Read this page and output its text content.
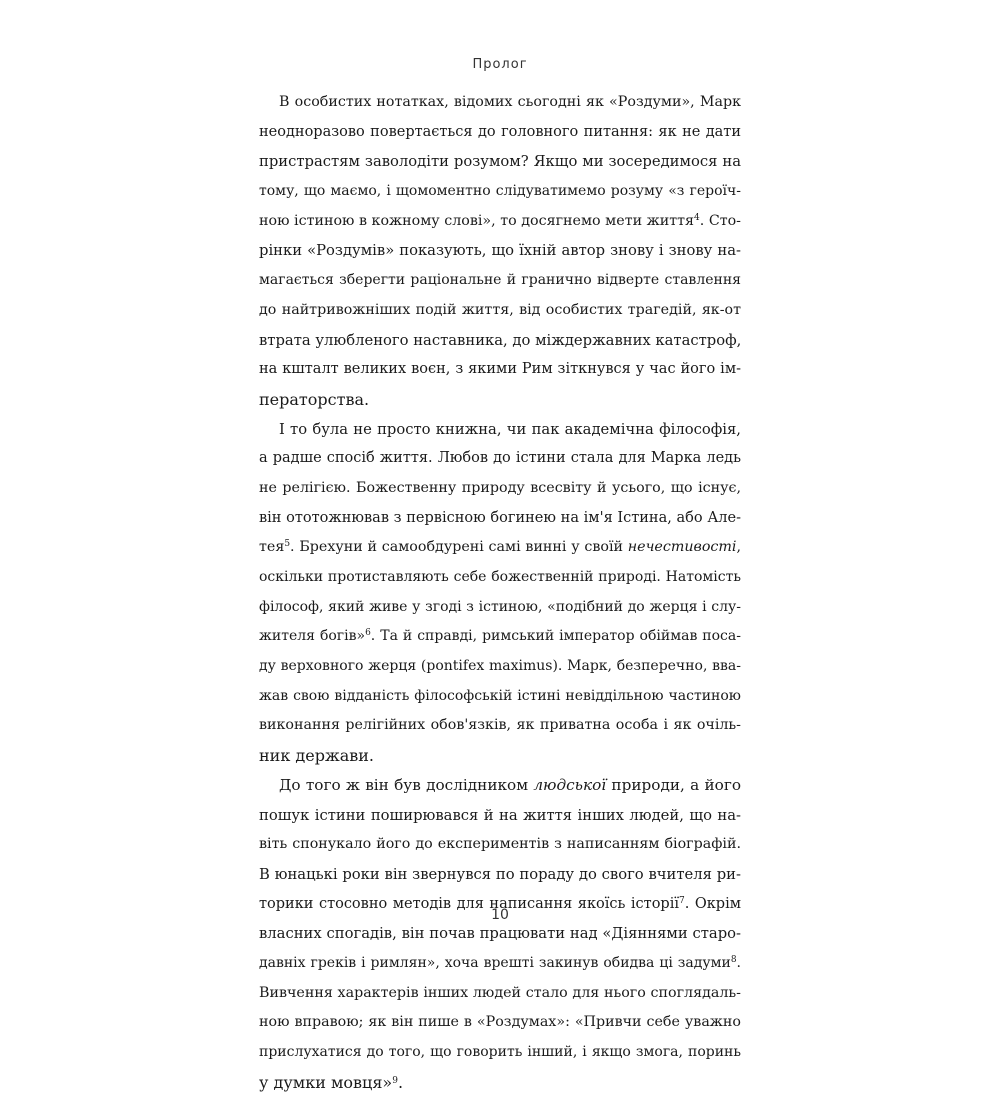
Пролог
В особистих нотатках, відомих сьогодні як «Роздуми», Марк
неодноразово повертається до головного питання: як не дати
пристрастям заволодіти розумом? Якщо ми зосередимося на
тому, що маємо, і щомоментно слідуватимемо розуму «з героїч-
ною істиною в кожному слові», то досягнемо мети життя$^4$. Сто-
рінки «Роздумів» показують, що їхній автор знову і знову на-
магається зберегти раціональне й гранично відверте ставлення
до найтривожніших подій життя, від особистих трагедій, як-от
втрата улюбленого наставника, до міждержавних катастроф,
на кшталт великих воєн, з якими Рим зіткнувся у час його ім-
ператорства.
І то була не просто книжна, чи пак академічна філософія,
а радше спосіб життя. Любов до істини стала для Марка ледь
не релігією. Божественну природу всесвіту й усього, що існує,
він ототожнював з первісною богинею на ім'я Істина, або Але-
тея$^5$. Брехуни й самообдурені самі винні у своїй нечестивості,
оскільки протиставляють себе божественній природі. Натомість
філософ, який живе у згоді з істиною, «подібний до жерця і слу-
жителя богів»$^6$. Та й справді, римський імператор обіймав поса-
ду верховного жерця (pontifex maximus). Марк, безперечно, вва-
жав свою відданість філософській істині невіддільною частиною
виконання релігійних обов'язків, як приватна особа і як очіль-
ник держави.
До того ж він був дослідником людської природи, а його
пошук істини поширювався й на життя інших людей, що на-
віть спонукало його до експериментів з написанням біографій.
В юнацькі роки він звернувся по пораду до свого вчителя ри-
торики стосовно методів для написання якоїсь історії$^7$. Окрім
власних спогадів, він почав працювати над «Діяннями старо-
давніх греків і римлян», хоча врешті закинув обидва ці задуми$^8$.
Вивчення характерів інших людей стало для нього споглядаль-
ною вправою; як він пише в «Роздумах»: «Привчи себе уважно
прислухатися до того, що говорить інший, і якщо змога, поринь
у думки мовця»$^9$.
10
